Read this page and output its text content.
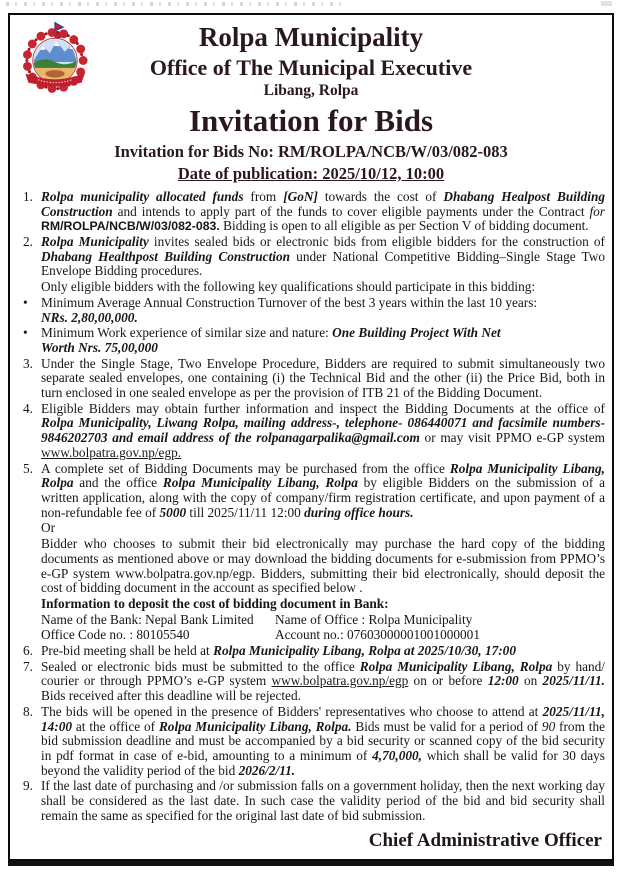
Rolpa Municipality
Office of The Municipal Executive
Libang, Rolpa
Invitation for Bids
Invitation for Bids No: RM/ROLPA/NCB/W/03/082-083
Date of publication: 2025/10/12, 10:00
1. Rolpa municipality allocated funds from [GoN] towards the cost of Dhabang Healpost Building Construction and intends to apply part of the funds to cover eligible payments under the Contract for RM/ROLPA/NCB/W/03/082-083. Bidding is open to all eligible as per Section V of bidding document.
2. Rolpa Municipality invites sealed bids or electronic bids from eligible bidders for the construction of Dhabang Healthpost Building Construction under National Competitive Bidding–Single Stage Two Envelope Bidding procedures.
Only eligible bidders with the following key qualifications should participate in this bidding:
•	Minimum Average Annual Construction Turnover of the best 3 years within the last 10 years:
NRs. 2,80,00,000.
•	Minimum Work experience of similar size and nature: One Building Project With Net
Worth Nrs. 75,00,000
3. Under the Single Stage, Two Envelope Procedure, Bidders are required to submit simultaneously two separate sealed envelopes, one containing (i) the Technical Bid and the other (ii) the Price Bid, both in turn enclosed in one sealed envelope as per the provision of ITB 21 of the Bidding Document.
4. Eligible Bidders may obtain further information and inspect the Bidding Documents at the office of Rolpa Municipality, Liwang Rolpa, mailing address-, telephone- 086440071 and facsimile numbers- 9846202703 and email address of the rolpanagarpalika@gmail.com or may visit PPMO e-GP system www.bolpatra.gov.np/egp.
5. A complete set of Bidding Documents may be purchased from the office Rolpa Municipality Libang, Rolpa and the office Rolpa Municipality Libang, Rolpa by eligible Bidders on the submission of a written application, along with the copy of company/firm registration certificate, and upon payment of a non-refundable fee of 5000 till 2025/11/11 12:00 during office hours.
Or
Bidder who chooses to submit their bid electronically may purchase the hard copy of the bidding documents as mentioned above or may download the bidding documents for e-submission from PPMO’s e-GP system www.bolpatra.gov.np/egp. Bidders, submitting their bid electronically, should deposit the cost of bidding document in the account as specified below .
Information to deposit the cost of bidding document in Bank:
Name of the Bank: Nepal Bank Limited	Name of Office : Rolpa Municipality
Office Code no. : 80105540	Account no.: 07603000001001000001
6. Pre-bid meeting shall be held at Rolpa Municipality Libang, Rolpa at 2025/10/30, 17:00
7. Sealed or electronic bids must be submitted to the office Rolpa Municipality Libang, Rolpa by hand/ courier or through PPMO’s e-GP system www.bolpatra.gov.np/egp on or before 12:00 on 2025/11/11. Bids received after this deadline will be rejected.
8. The bids will be opened in the presence of Bidders' representatives who choose to attend at 2025/11/11, 14:00 at the office of Rolpa Municipality Libang, Rolpa. Bids must be valid for a period of 90 from the bid submission deadline and must be accompanied by a bid security or scanned copy of the bid security in pdf format in case of e-bid, amounting to a minimum of 4,70,000, which shall be valid for 30 days beyond the validity period of the bid 2026/2/11.
9. If the last date of purchasing and /or submission falls on a government holiday, then the next working day shall be considered as the last date. In such case the validity period of the bid and bid security shall remain the same as specified for the original last date of bid submission.
Chief Administrative Officer
